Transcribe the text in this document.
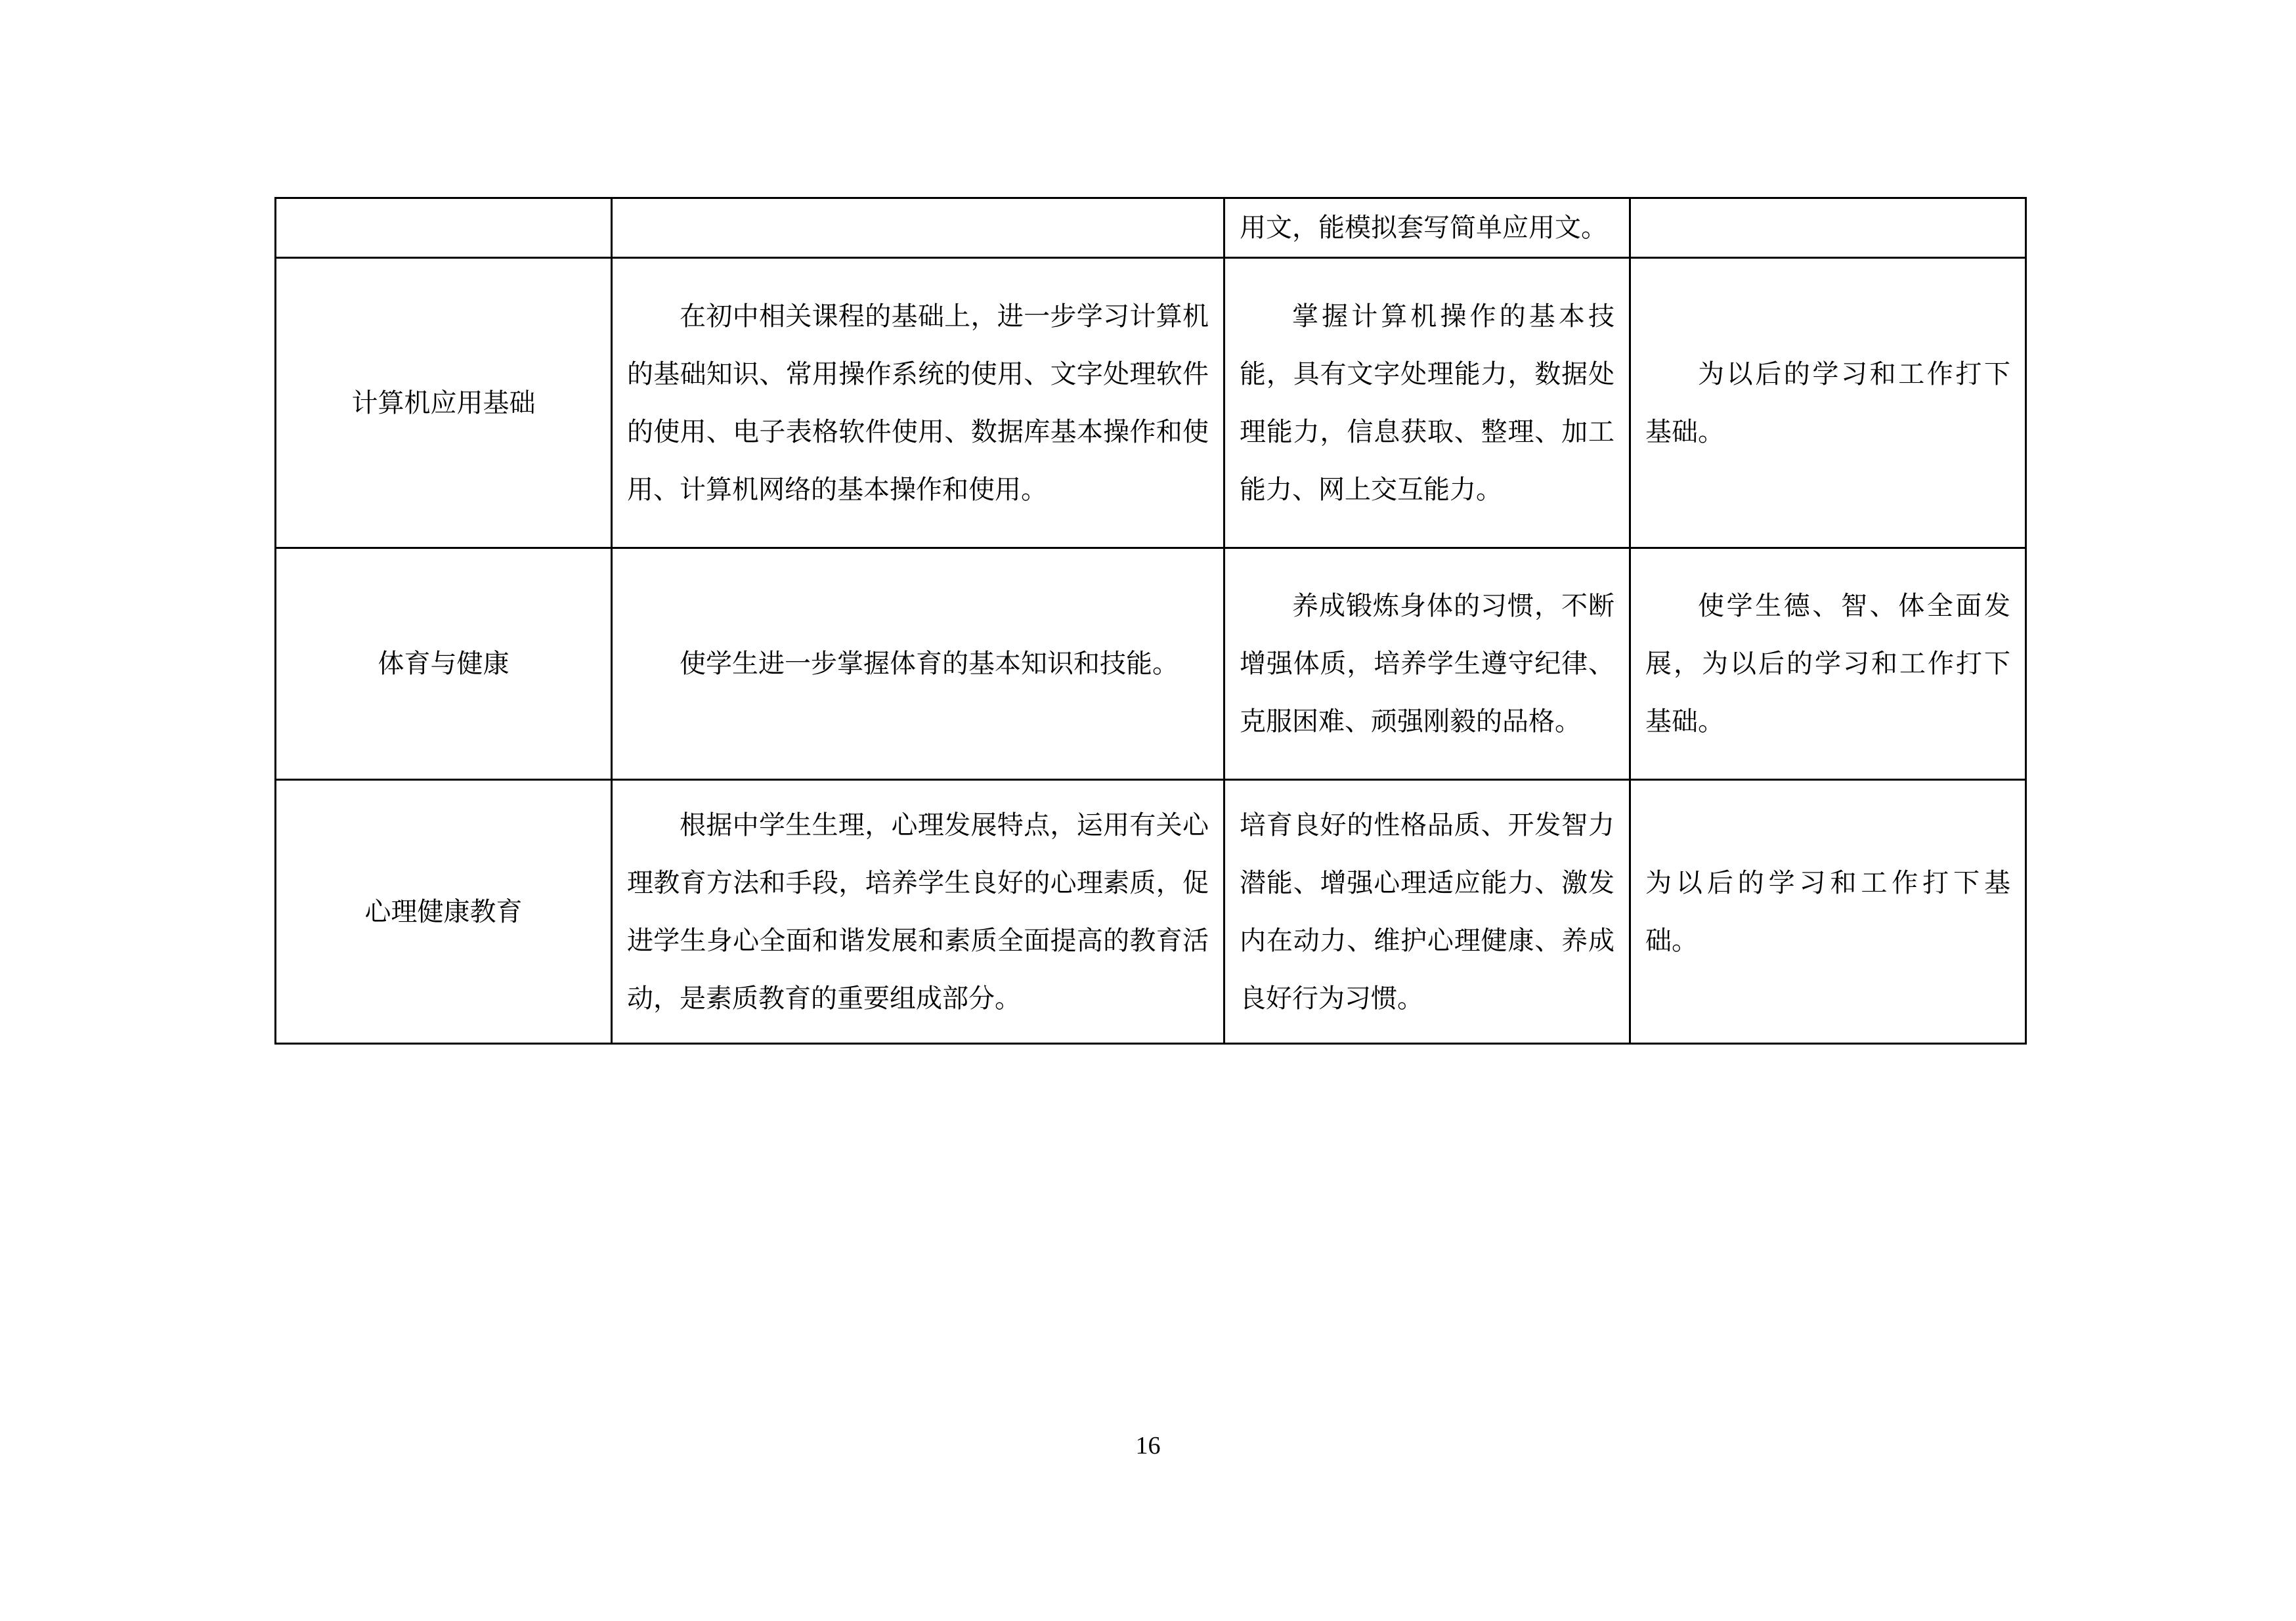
		用文，能模拟套写简单应用文。	

计算机应用基础	在初中相关课程的基础上，进一步学习计算机的基础知识、常用操作系统的使用、文字处理软件的使用、电子表格软件使用、数据库基本操作和使用、计算机网络的基本操作和使用。	掌握计算机操作的基本技能，具有文字处理能力，数据处理能力，信息获取、整理、加工能力、网上交互能力。	为以后的学习和工作打下基础。

体育与健康	使学生进一步掌握体育的基本知识和技能。	养成锻炼身体的习惯，不断增强体质，培养学生遵守纪律、克服困难、顽强刚毅的品格。	使学生德、智、体全面发展，为以后的学习和工作打下基础。

心理健康教育	根据中学生生理，心理发展特点，运用有关心理教育方法和手段，培养学生良好的心理素质，促进学生身心全面和谐发展和素质全面提高的教育活动，是素质教育的重要组成部分。	培育良好的性格品质、开发智力潜能、增强心理适应能力、激发内在动力、维护心理健康、养成良好行为习惯。	为以后的学习和工作打下基础。
16
